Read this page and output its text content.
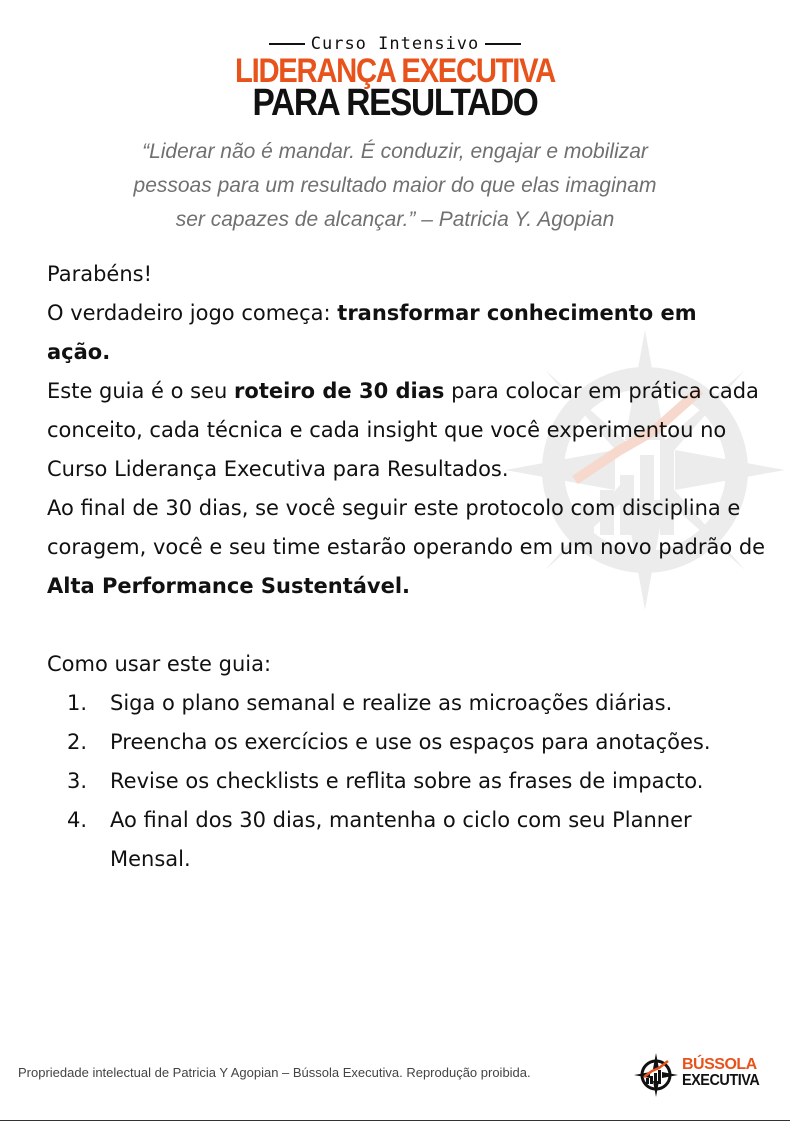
Curso Intensivo
LIDERANÇA EXECUTIVA
PARA RESULTADO
“Liderar não é mandar. É conduzir, engajar e mobilizar
pessoas para um resultado maior do que elas imaginam
ser capazes de alcançar.” – Patricia Y. Agopian

Parabéns!

O verdadeiro jogo começa: transformar conhecimento em ação.

Este guia é o seu roteiro de 30 dias para colocar em prática cada conceito, cada técnica e cada insight que você experimentou no Curso Liderança Executiva para Resultados.

Ao final de 30 dias, se você seguir este protocolo com disciplina e coragem, você e seu time estarão operando em um novo padrão de Alta Performance Sustentável.

Como usar este guia:

1. Siga o plano semanal e realize as microações diárias.
2. Preencha os exercícios e use os espaços para anotações.
3. Revise os checklists e reflita sobre as frases de impacto.
4. Ao final dos 30 dias, mantenha o ciclo com seu Planner Mensal.
Propriedade intelectual de Patricia Y Agopian – Bússola Executiva. Reprodução proibida.	BÚSSOLA
EXECUTIVA
